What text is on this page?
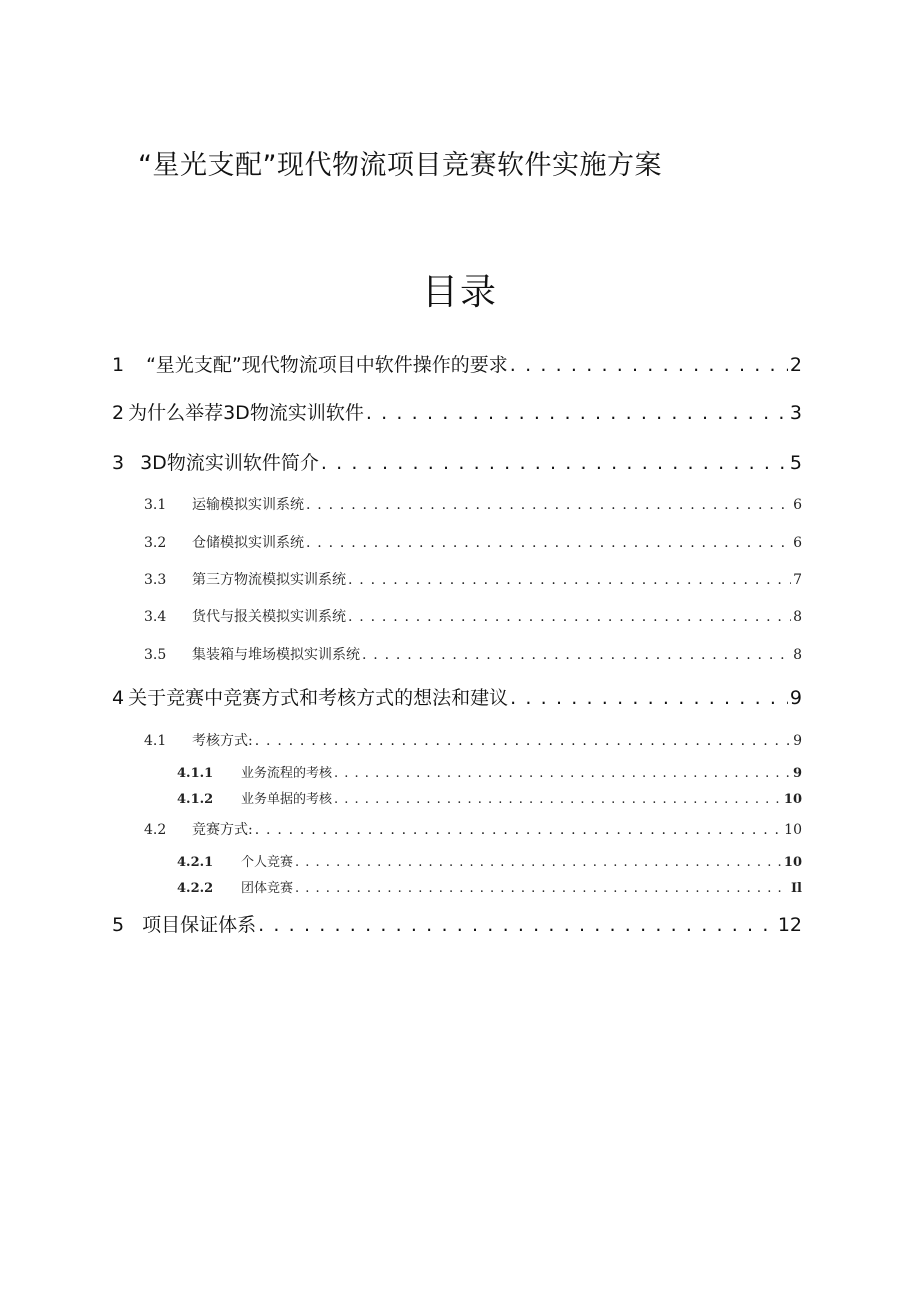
“星光支配”现代物流项目竞赛软件实施方案
目录
1 “星光支配”现代物流项目中软件操作的要求 . . .	2
2 为什么举荐3D物流实训软件 . . .	3
3 3D物流实训软件简介 . . .	5
3.1	运输模拟实训系统 . . .	6
3.2	仓储模拟实训系统 . . .	6
3.3	第三方物流模拟实训系统 . . .	7
3.4	货代与报关模拟实训系统 . . .	8
3.5	集装箱与堆场模拟实训系统 . . .	8
4 关于竞赛中竞赛方式和考核方式的想法和建议 . . .	9
4.1	考核方式: . . .	9
4.1.1	业务流程的考核 . . .	9
4.1.2	业务单据的考核 . . .	10
4.2	竞赛方式: . . .	10
4.2.1	个人竞赛 . . .	10
4.2.2	团体竞赛 . . .	Il
5 项目保证体系 . . .	12
